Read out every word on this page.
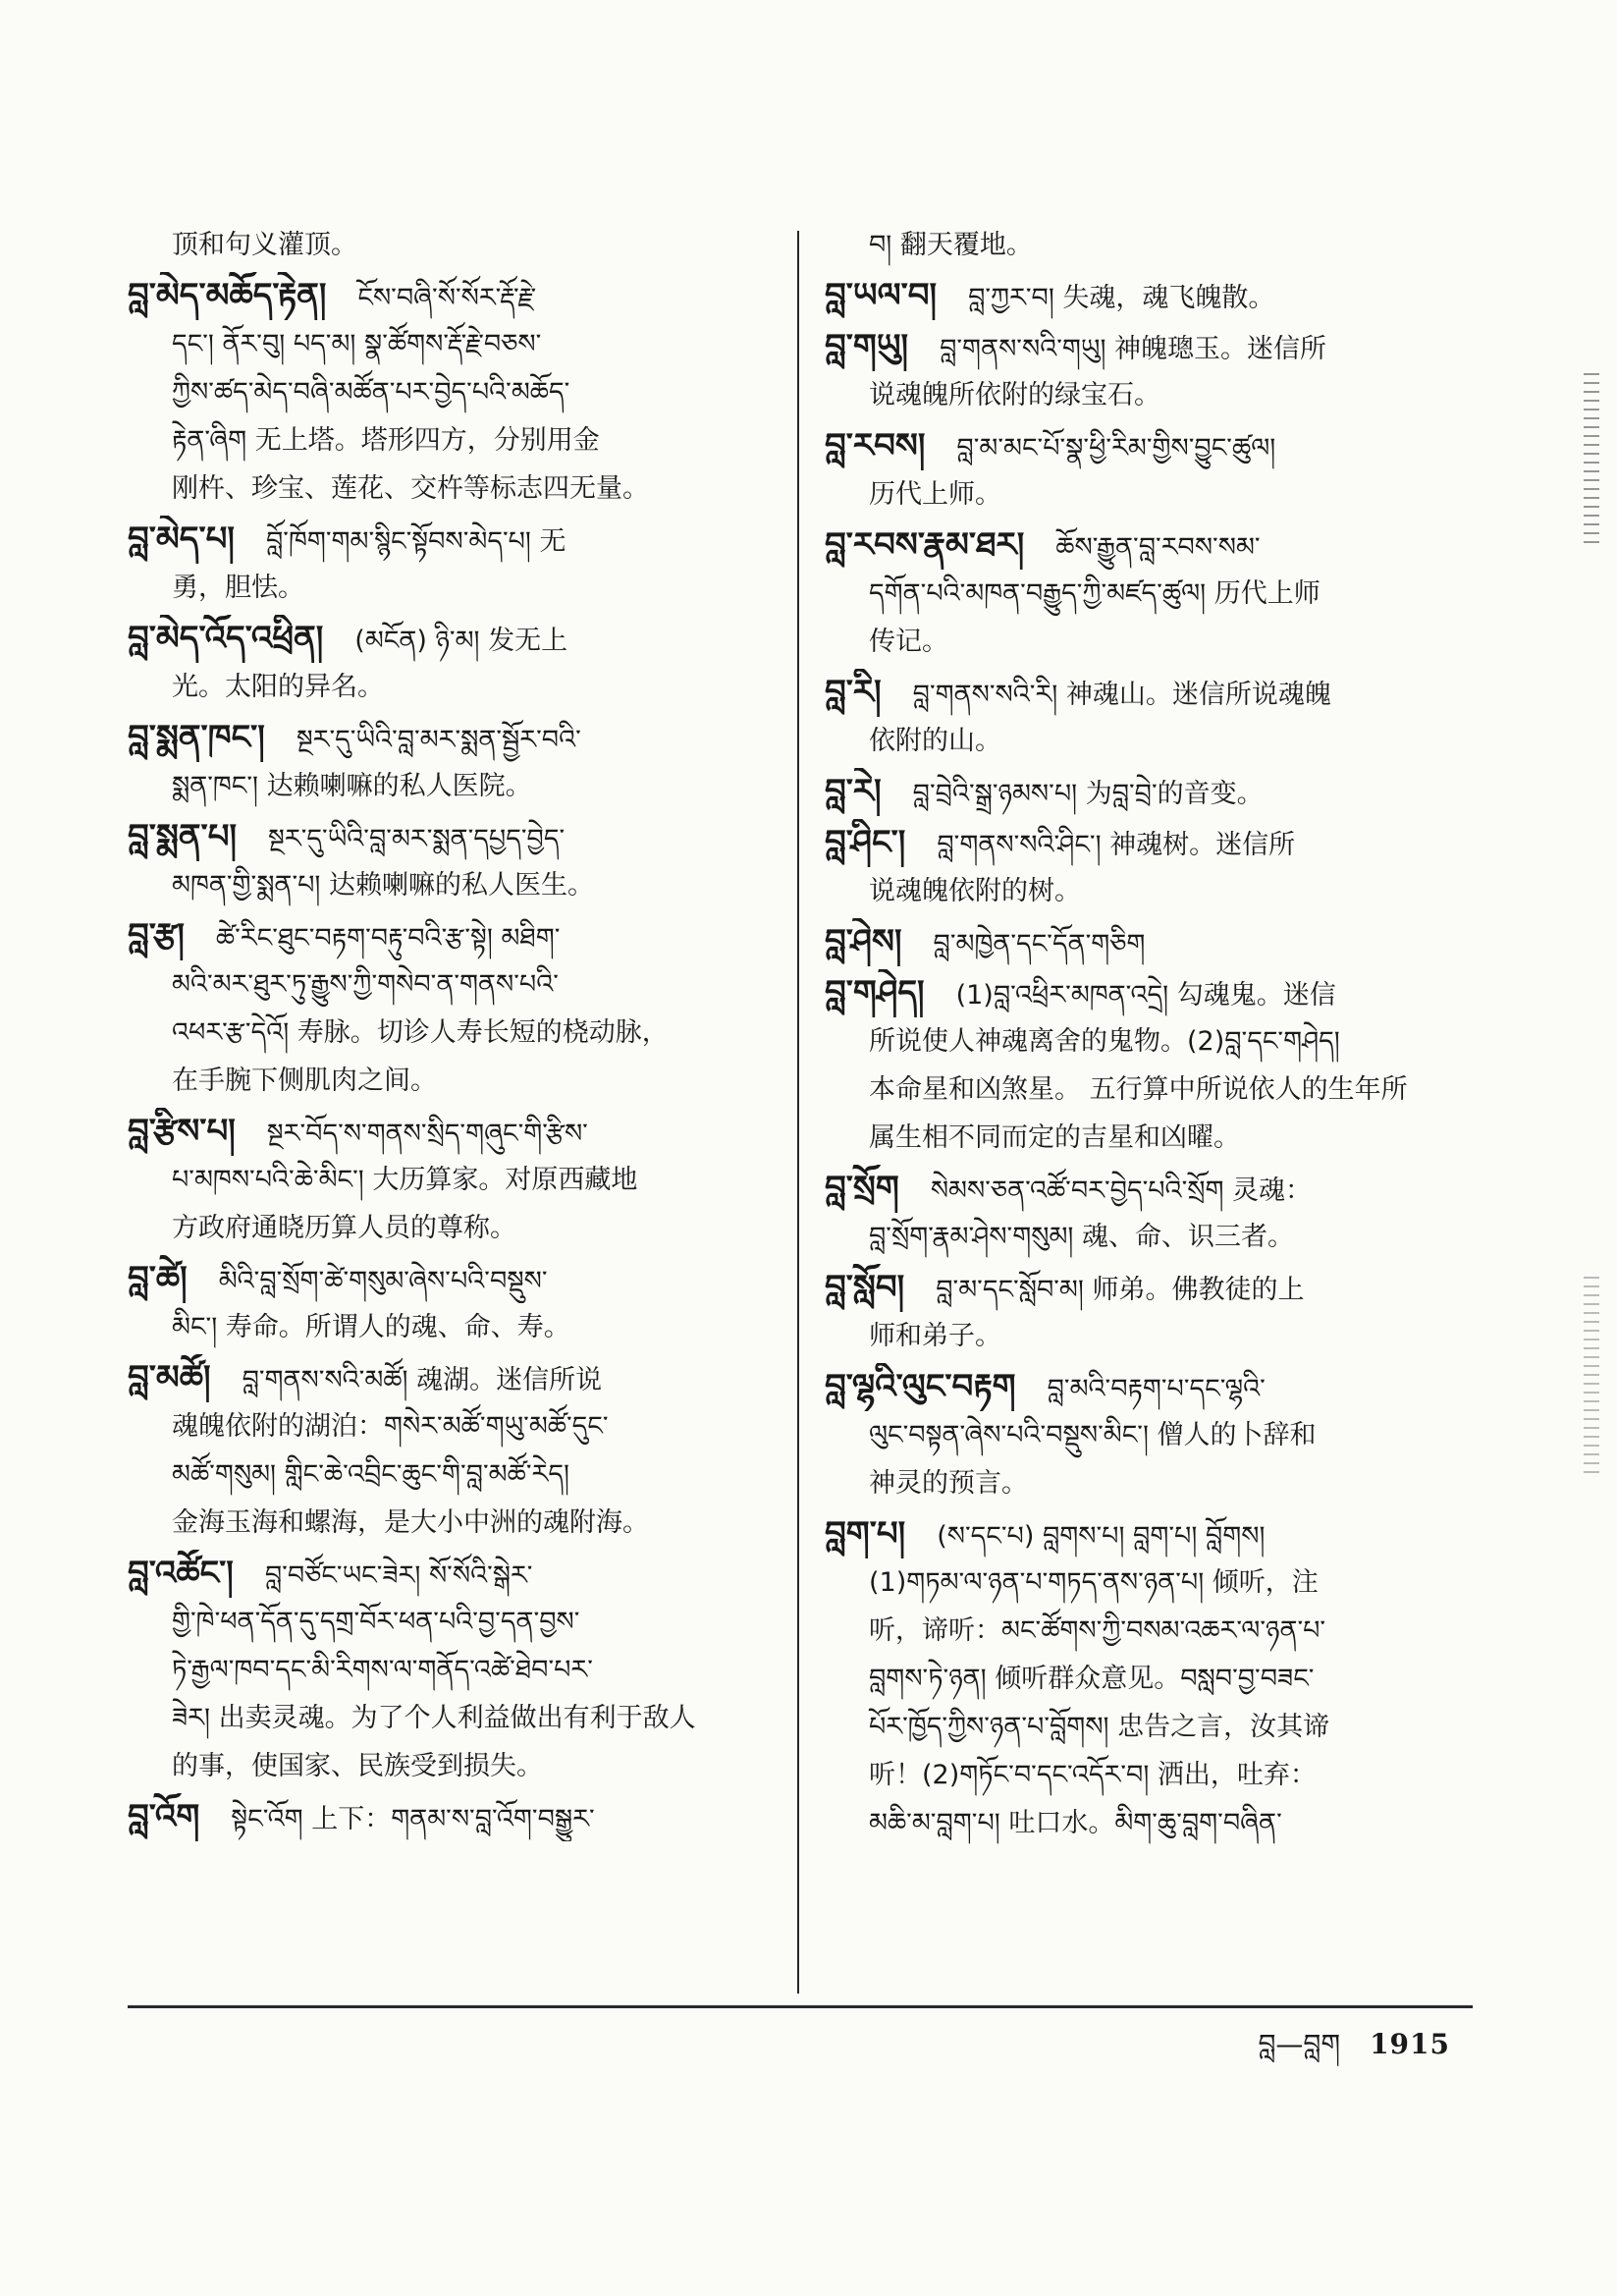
顶和句义灌顶。
བླ་མེད་མཆོད་རྟེན། ངོས་བཞི་སོ་སོར་རྡོ་རྗེ་
དང་། ནོར་བུ། པད་མ། སྣ་ཚོགས་རྡོ་རྗེ་བཅས་
ཀྱིས་ཚད་མེད་བཞི་མཚོན་པར་བྱེད་པའི་མཆོད་
རྟེན་ཞིག 无上塔。塔形四方，分别用金
刚杵、珍宝、莲花、交杵等标志四无量。
བླ་མེད་པ། བློ་ཁོག་གམ་སྙིང་སྟོབས་མེད་པ། 无
勇，胆怯。
བླ་མེད་འོད་འཕྲིན། (མངོན) ཉི་མ། 发无上
光。太阳的异名。
བླ་སྨན་ཁང་། སྔར་དུ་ཡིའི་བླ་མར་སྨན་སྦྱོར་བའི་
སྨན་ཁང་། 达赖喇嘛的私人医院。
བླ་སྨན་པ། སྔར་དུ་ཡིའི་བླ་མར་སྨན་དཔྱད་བྱེད་
མཁན་གྱི་སྨན་པ། 达赖喇嘛的私人医生。
བླ་རྩ། ཚེ་རིང་ཐུང་བརྟག་བརྟུ་བའི་རྩ་སྟེ། མཐིག་
མའི་མར་ཐུར་ཏུ་རྒྱུས་ཀྱི་གསེབ་ན་གནས་པའི་
འཕར་རྩ་དེའོ། 寿脉。切诊人寿长短的桡动脉，
在手腕下侧肌肉之间。
བླ་རྩིས་པ། སྔར་བོད་ས་གནས་སྲིད་གཞུང་གི་རྩིས་
པ་མཁས་པའི་ཆེ་མིང་། 大历算家。对原西藏地
方政府通晓历算人员的尊称。
བླ་ཚེ། མིའི་བླ་སྲོག་ཚེ་གསུམ་ཞེས་པའི་བསྡུས་
མིང་། 寿命。所谓人的魂、命、寿。
བླ་མཚོ། བླ་གནས་སའི་མཚོ། 魂湖。迷信所说
魂魄依附的湖泊：གསེར་མཚོ་གཡུ་མཚོ་དུང་
མཚོ་གསུམ། གླིང་ཆེ་འབྲིང་ཆུང་གི་བླ་མཚོ་རེད།
金海玉海和螺海，是大小中洲的魂附海。
བླ་འཚོང་། བླ་བཙོང་ཡང་ཟེར། སོ་སོའི་སྒེར་
གྱི་ཁེ་ཕན་དོན་དུ་དགྲ་བོར་ཕན་པའི་བྱ་དན་བྱས་
ཏེ་རྒྱལ་ཁབ་དང་མི་རིགས་ལ་གནོད་འཚེ་ཐེབ་པར་
ཟེར། 出卖灵魂。为了个人利益做出有利于敌人
的事，使国家、民族受到损失。
བླ་འོག སྟེང་འོག 上下：གནམ་ས་བླ་འོག་བསྒྱུར་
བ། 翻天覆地。
བླ་ཡལ་བ། བླ་ཀྱར་བ། 失魂，魂飞魄散。
བླ་གཡུ། བླ་གནས་སའི་གཡུ། 神魄璁玉。迷信所
说魂魄所依附的绿宝石。
བླ་རབས། བླ་མ་མང་པོ་སྣ་ཕྱི་རིམ་གྱིས་བྱུང་ཚུལ།
历代上师。
བླ་རབས་རྣམ་ཐར། ཆོས་རྒྱུན་བླ་རབས་སམ་
དགོན་པའི་མཁན་བརྒྱུད་ཀྱི་མཛད་ཚུལ། 历代上师
传记。
བླ་རི། བླ་གནས་སའི་རི། 神魂山。迷信所说魂魄
依附的山。
བླ་རེ། བླ་བྲེའི་སྒྲ་ཉམས་པ། 为བླ་བྲེ་的音变。
བླ་ཤིང་། བླ་གནས་སའི་ཤིང་། 神魂树。迷信所
说魂魄依附的树。
བླ་ཤེས། བླ་མཁྱེན་དང་དོན་གཅིག
བླ་གཤེད། (1)བླ་འཕྲིར་མཁན་འདྲེ། 勾魂鬼。迷信
所说使人神魂离舍的鬼物。(2)བླ་དང་གཤེད།
本命星和凶煞星。 五行算中所说依人的生年所
属生相不同而定的吉星和凶曜。
བླ་སྲོག སེམས་ཅན་འཚོ་བར་བྱེད་པའི་སྲོག 灵魂：
བླ་སྲོག་རྣམ་ཤེས་གསུམ། 魂、命、识三者。
བླ་སློབ། བླ་མ་དང་སློབ་མ། 师弟。佛教徒的上
师和弟子。
བླ་ལྷའི་ལུང་བརྟག བླ་མའི་བརྟག་པ་དང་ལྷའི་
ལུང་བསྟན་ཞེས་པའི་བསྡུས་མིང་། 僧人的卜辞和
神灵的预言。
བླག་པ། (ས་དང་པ) བླགས་པ། བླག་པ། བློགས།
(1)གཏམ་ལ་ཉན་པ་གཏད་ནས་ཉན་པ། 倾听，注
听，谛听：མང་ཚོགས་ཀྱི་བསམ་འཆར་ལ་ཉན་པ་
བླགས་ཏེ་ཉན། 倾听群众意见。བསླབ་བྱ་བཟང་
པོར་ཁྱོད་ཀྱིས་ཉན་པ་བློགས། 忠告之言，汝其谛
听！(2)གཏོང་བ་དང་འདོར་བ། 洒出，吐弃：
མཆི་མ་བླག་པ། 吐口水。མིག་ཆུ་བླག་བཞིན་
བླ—བླག 1915
